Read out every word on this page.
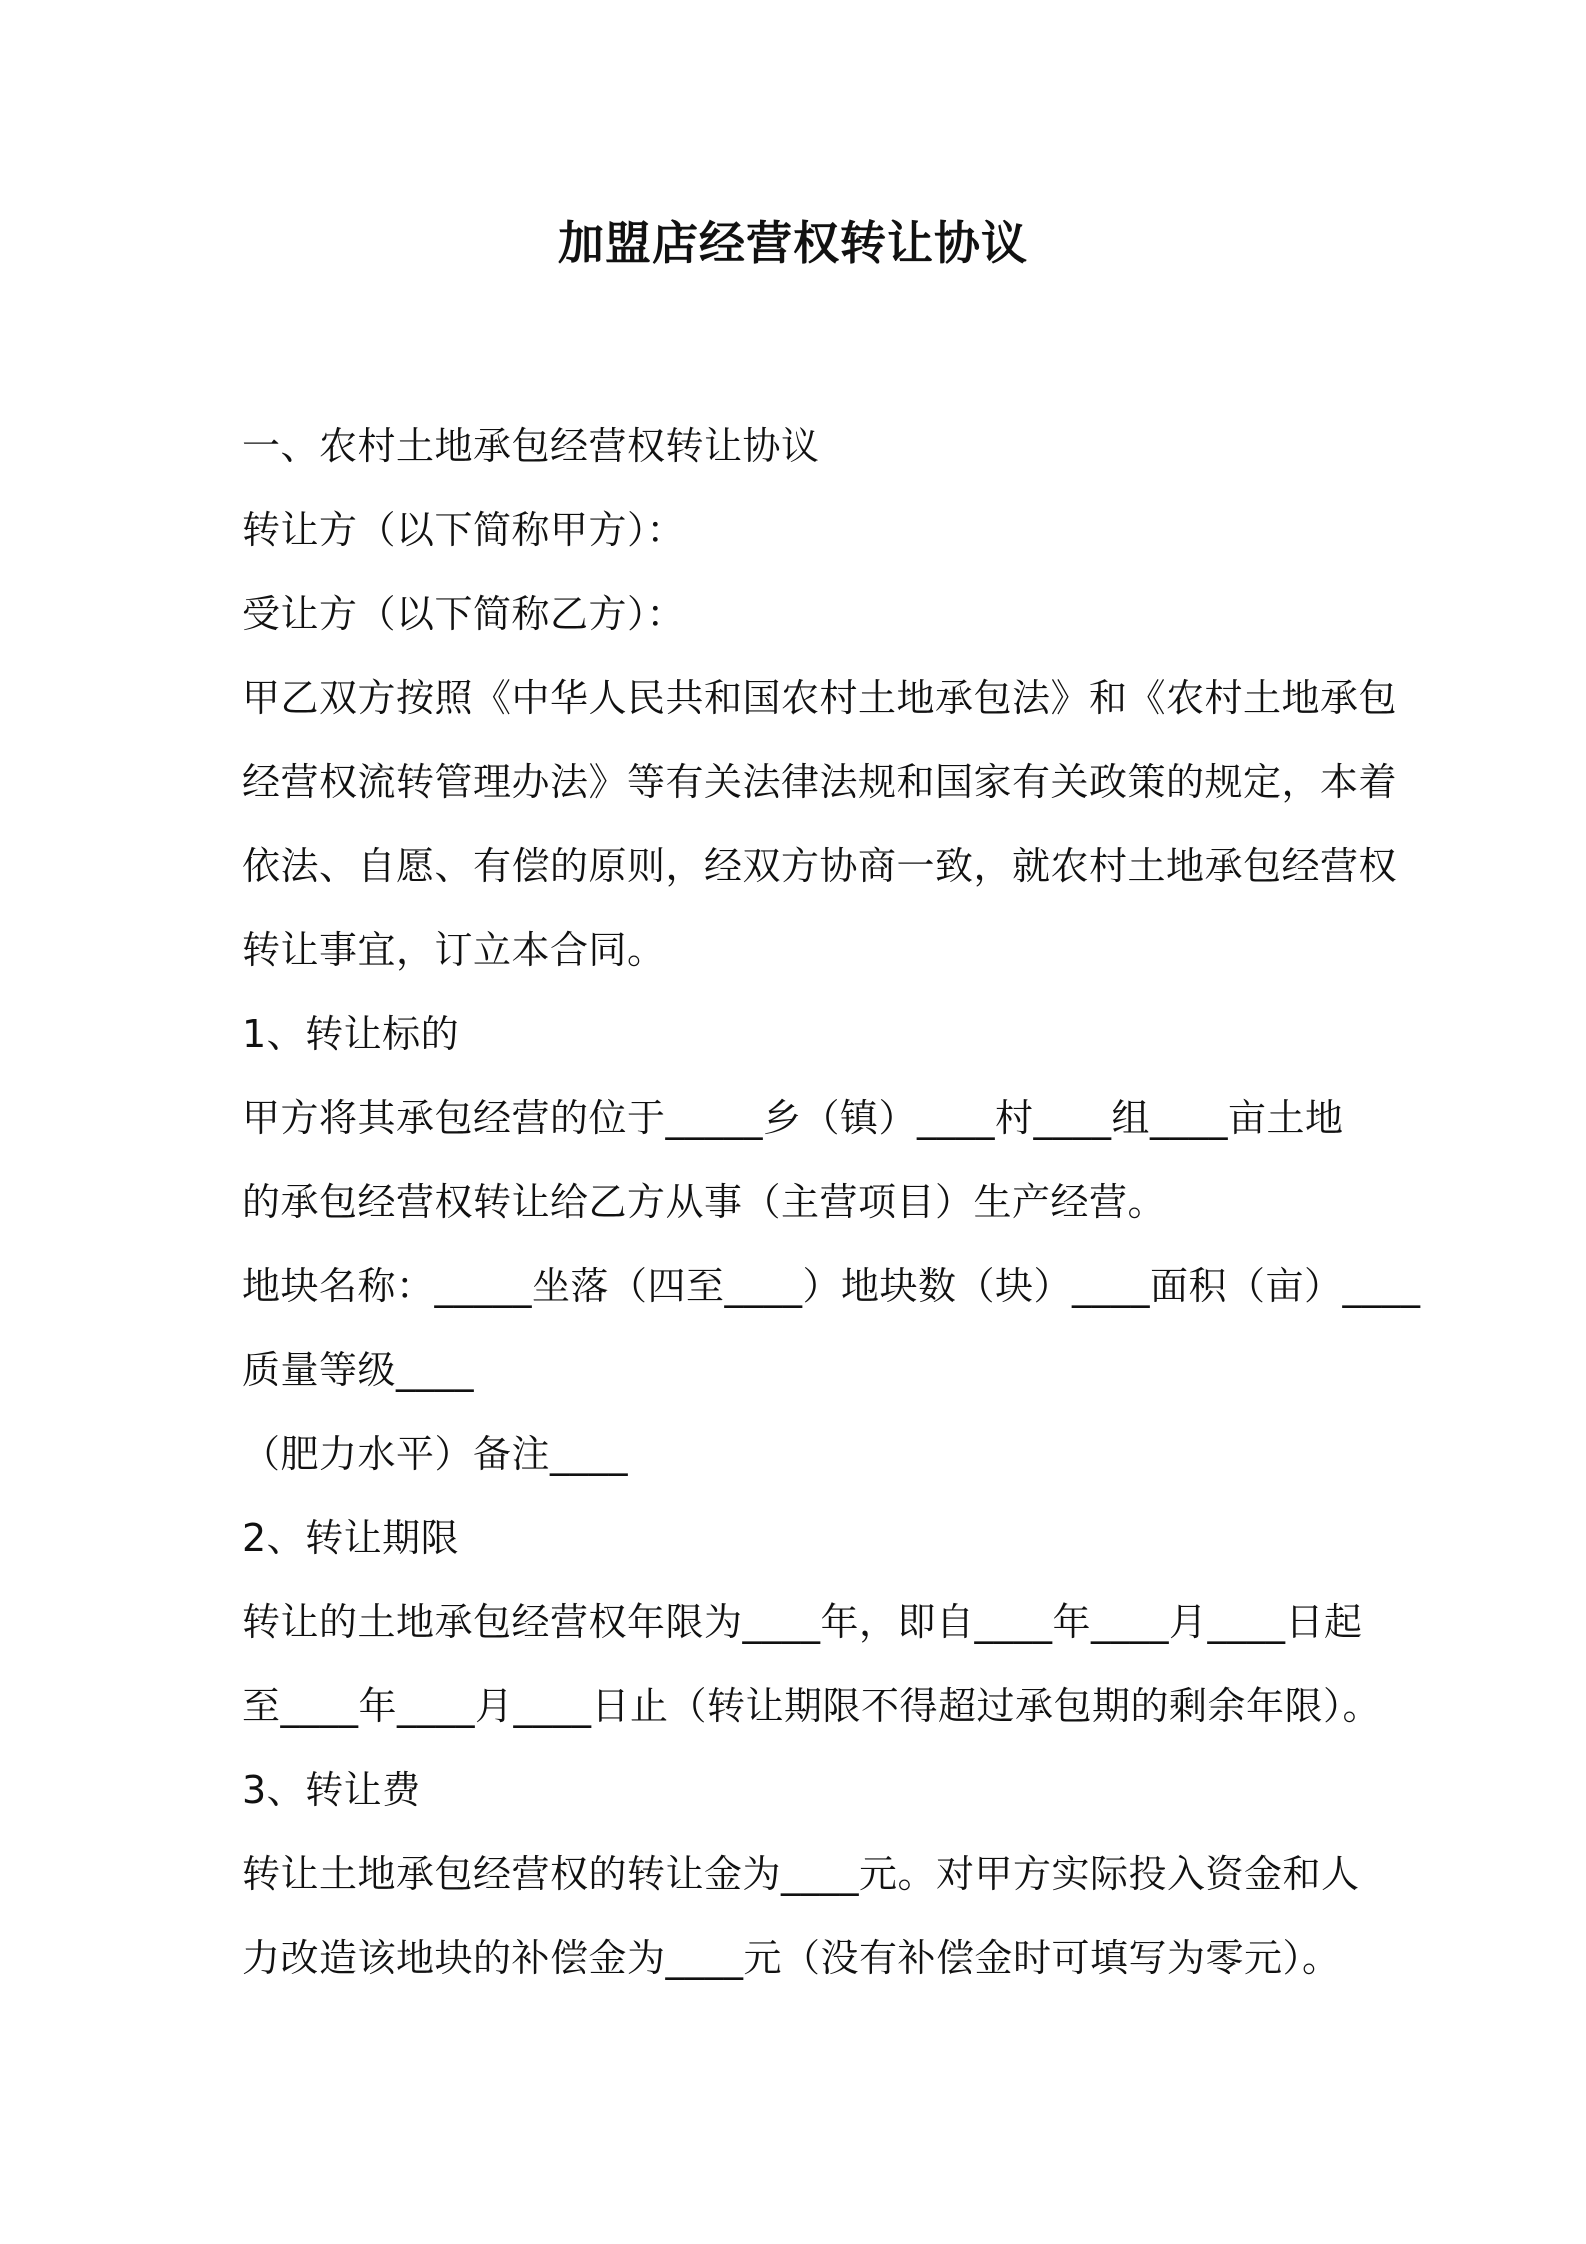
加盟店经营权转让协议
一、农村土地承包经营权转让协议
转让方（以下简称甲方）：
受让方（以下简称乙方）：
甲乙双方按照《中华人民共和国农村土地承包法》和《农村土地承包
经营权流转管理办法》等有关法律法规和国家有关政策的规定，本着
依法、自愿、有偿的原则，经双方协商一致，就农村土地承包经营权
转让事宜，订立本合同。
1、转让标的
甲方将其承包经营的位于_____乡（镇）____村____组____亩土地
的承包经营权转让给乙方从事（主营项目）生产经营。
地块名称：_____坐落（四至____）地块数（块）____面积（亩）____
质量等级____
（肥力水平）备注____
2、转让期限
转让的土地承包经营权年限为____年，即自____年____月____日起
至____年____月____日止（转让期限不得超过承包期的剩余年限）。
3、转让费
转让土地承包经营权的转让金为____元。对甲方实际投入资金和人
力改造该地块的补偿金为____元（没有补偿金时可填写为零元）。
